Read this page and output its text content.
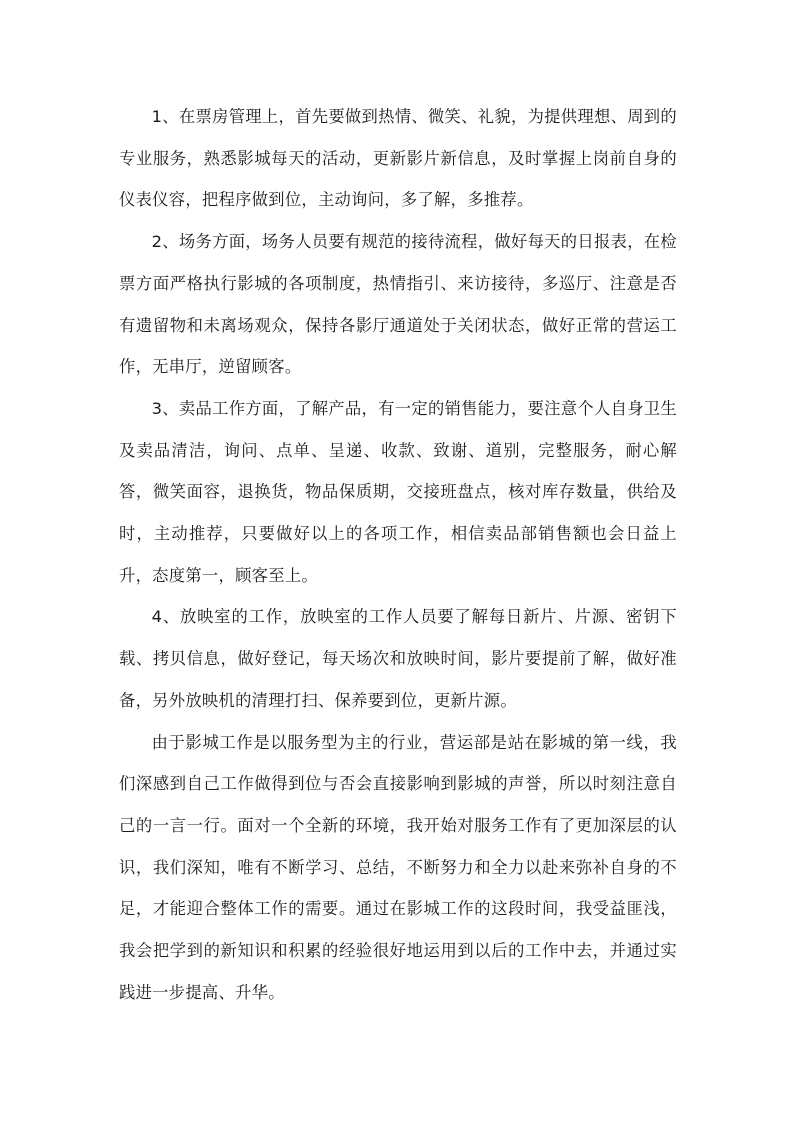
1、在票房管理上，首先要做到热情、微笑、礼貌，为提供理想、周到的专业服务，熟悉影城每天的活动，更新影片新信息，及时掌握上岗前自身的仪表仪容，把程序做到位，主动询问，多了解，多推荐。

2、场务方面，场务人员要有规范的接待流程，做好每天的日报表，在检票方面严格执行影城的各项制度，热情指引、来访接待，多巡厅、注意是否有遗留物和未离场观众，保持各影厅通道处于关闭状态，做好正常的营运工作，无串厅，逆留顾客。

3、卖品工作方面，了解产品，有一定的销售能力，要注意个人自身卫生及卖品清洁，询问、点单、呈递、收款、致谢、道别，完整服务，耐心解答，微笑面容，退换货，物品保质期，交接班盘点，核对库存数量，供给及时，主动推荐，只要做好以上的各项工作，相信卖品部销售额也会日益上升，态度第一，顾客至上。

4、放映室的工作，放映室的工作人员要了解每日新片、片源、密钥下载、拷贝信息，做好登记，每天场次和放映时间，影片要提前了解，做好准备，另外放映机的清理打扫、保养要到位，更新片源。

由于影城工作是以服务型为主的行业，营运部是站在影城的第一线，我们深感到自己工作做得到位与否会直接影响到影城的声誉，所以时刻注意自己的一言一行。面对一个全新的环境，我开始对服务工作有了更加深层的认识，我们深知，唯有不断学习、总结，不断努力和全力以赴来弥补自身的不足，才能迎合整体工作的需要。通过在影城工作的这段时间，我受益匪浅，我会把学到的新知识和积累的经验很好地运用到以后的工作中去，并通过实践进一步提高、升华。
